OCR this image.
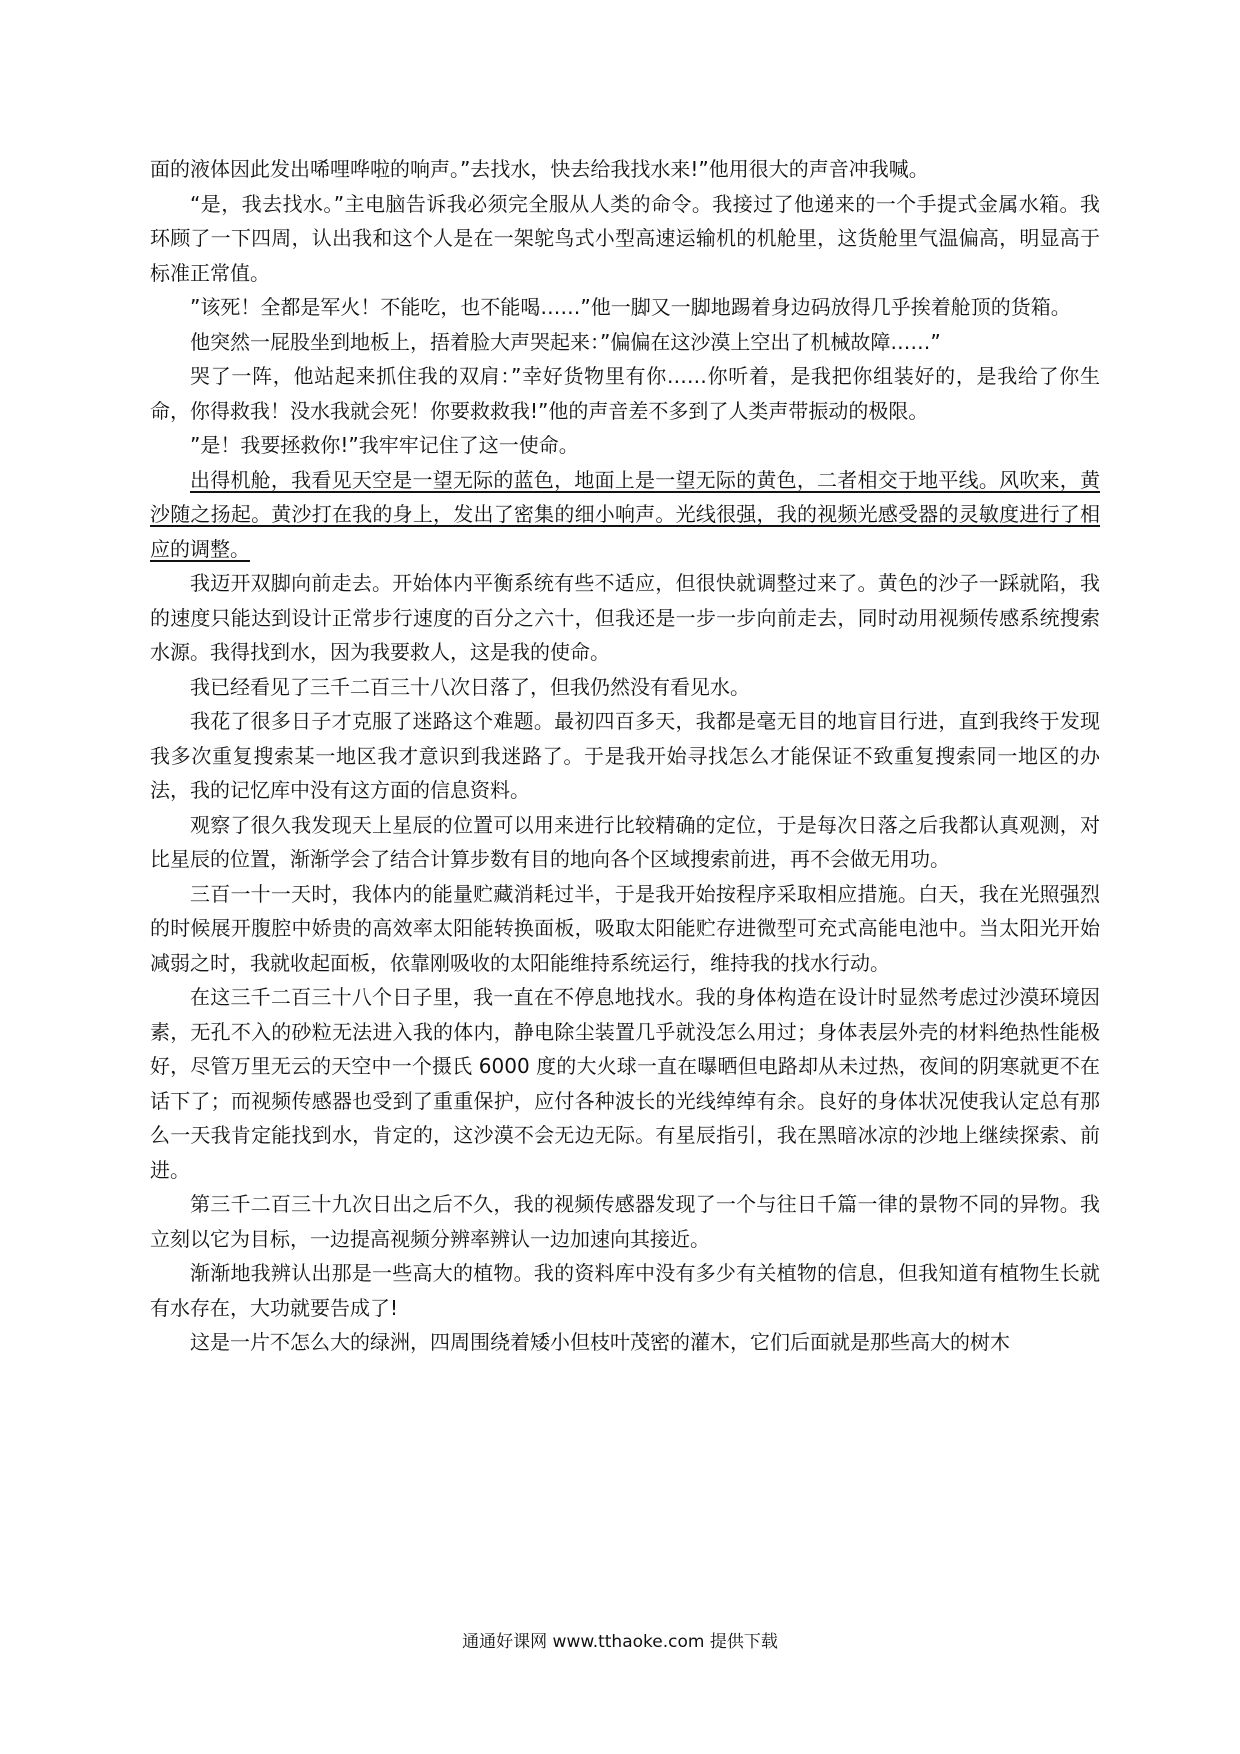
面的液体因此发出唏哩哗啦的响声。”去找水，快去给我找水来!”他用很大的声音冲我喊。

“是，我去找水。”主电脑告诉我必须完全服从人类的命令。我接过了他递来的一个手提式金属水箱。我环顾了一下四周，认出我和这个人是在一架鸵鸟式小型高速运输机的机舱里，这货舱里气温偏高，明显高于标准正常值。

”该死！全都是军火！不能吃，也不能喝……”他一脚又一脚地踢着身边码放得几乎挨着舱顶的货箱。

他突然一屁股坐到地板上，捂着脸大声哭起来：”偏偏在这沙漠上空出了机械故障……”

哭了一阵，他站起来抓住我的双肩：”幸好货物里有你……你听着，是我把你组装好的，是我给了你生命，你得救我！没水我就会死！你要救救我!”他的声音差不多到了人类声带振动的极限。

”是！我要拯救你!”我牢牢记住了这一使命。

出得机舱，我看见天空是一望无际的蓝色，地面上是一望无际的黄色，二者相交于地平线。风吹来，黄沙随之扬起。黄沙打在我的身上，发出了密集的细小响声。光线很强，我的视频光感受器的灵敏度进行了相应的调整。

我迈开双脚向前走去。开始体内平衡系统有些不适应，但很快就调整过来了。黄色的沙子一踩就陷，我的速度只能达到设计正常步行速度的百分之六十，但我还是一步一步向前走去，同时动用视频传感系统搜索水源。我得找到水，因为我要救人，这是我的使命。

我已经看见了三千二百三十八次日落了，但我仍然没有看见水。

我花了很多日子才克服了迷路这个难题。最初四百多天，我都是毫无目的地盲目行进，直到我终于发现我多次重复搜索某一地区我才意识到我迷路了。于是我开始寻找怎么才能保证不致重复搜索同一地区的办法，我的记忆库中没有这方面的信息资料。

观察了很久我发现天上星辰的位置可以用来进行比较精确的定位，于是每次日落之后我都认真观测，对比星辰的位置，渐渐学会了结合计算步数有目的地向各个区域搜索前进，再不会做无用功。

三百一十一天时，我体内的能量贮藏消耗过半，于是我开始按程序采取相应措施。白天，我在光照强烈的时候展开腹腔中娇贵的高效率太阳能转换面板，吸取太阳能贮存进微型可充式高能电池中。当太阳光开始减弱之时，我就收起面板，依靠刚吸收的太阳能维持系统运行，维持我的找水行动。

在这三千二百三十八个日子里，我一直在不停息地找水。我的身体构造在设计时显然考虑过沙漠环境因素，无孔不入的砂粒无法进入我的体内，静电除尘装置几乎就没怎么用过；身体表层外壳的材料绝热性能极好，尽管万里无云的天空中一个摄氏 6000 度的大火球一直在曝晒但电路却从未过热，夜间的阴寒就更不在话下了；而视频传感器也受到了重重保护，应付各种波长的光线绰绰有余。良好的身体状况使我认定总有那么一天我肯定能找到水，肯定的，这沙漠不会无边无际。有星辰指引，我在黑暗冰凉的沙地上继续探索、前进。

第三千二百三十九次日出之后不久，我的视频传感器发现了一个与往日千篇一律的景物不同的异物。我立刻以它为目标，一边提高视频分辨率辨认一边加速向其接近。

渐渐地我辨认出那是一些高大的植物。我的资料库中没有多少有关植物的信息，但我知道有植物生长就有水存在，大功就要告成了!

这是一片不怎么大的绿洲，四周围绕着矮小但枝叶茂密的灌木，它们后面就是那些高大的树木

通通好课网 www.tthaoke.com 提供下载
